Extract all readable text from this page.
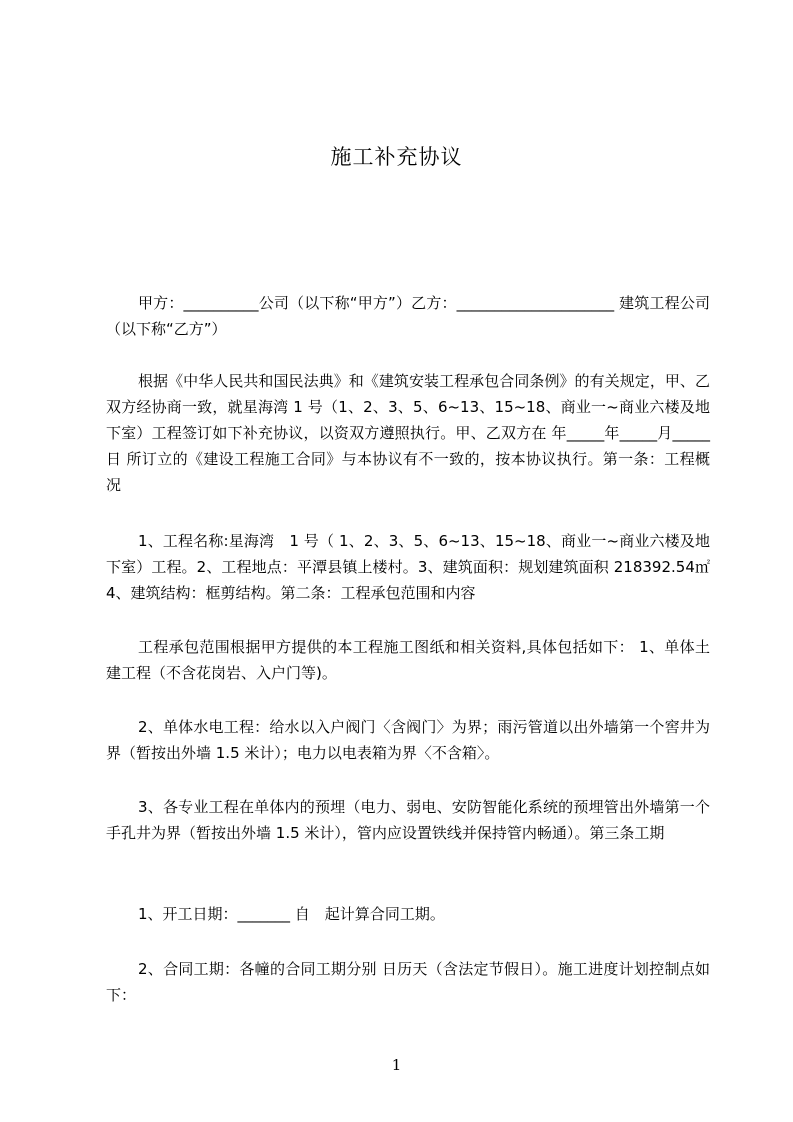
施工补充协议

甲方：__________公司（以下称“甲方”）乙方：_____________________ 建筑工程公司（以下称“乙方”）

根据《中华人民共和国民法典》和《建筑安装工程承包合同条例》的有关规定，甲、乙双方经协商一致，就星海湾 1 号（1、2、3、5、6~13、15~18、商业一~商业六楼及地下室）工程签订如下补充协议，以资双方遵照执行。甲、乙双方在 年_____年_____月_____日 所订立的《建设工程施工合同》与本协议有不一致的，按本协议执行。第一条：工程概况

1、工程名称:星海湾　1 号（ 1、2、3、5、6~13、15~18、商业一~商业六楼及地下室）工程。2、工程地点：平潭县镇上楼村。3、建筑面积：规划建筑面积 218392.54㎡ 4、建筑结构：框剪结构。第二条：工程承包范围和内容

工程承包范围根据甲方提供的本工程施工图纸和相关资料,具体包括如下： 1、单体土建工程（不含花岗岩、入户门等)。

2、单体水电工程：给水以入户阀门〈含阀门〉为界；雨污管道以出外墙第一个窖井为界（暂按出外墙 1.5 米计）；电力以电表箱为界〈不含箱〉。

3、各专业工程在单体内的预埋（电力、弱电、安防智能化系统的预埋管出外墙第一个手孔井为界（暂按出外墙 1.5 米计），管内应设置铁线并保持管内畅通）。第三条工期

1、开工日期：_______ 自　起计算合同工期。

2、合同工期：各幢的合同工期分别 日历天（含法定节假日）。施工进度计划控制点如下：

1
